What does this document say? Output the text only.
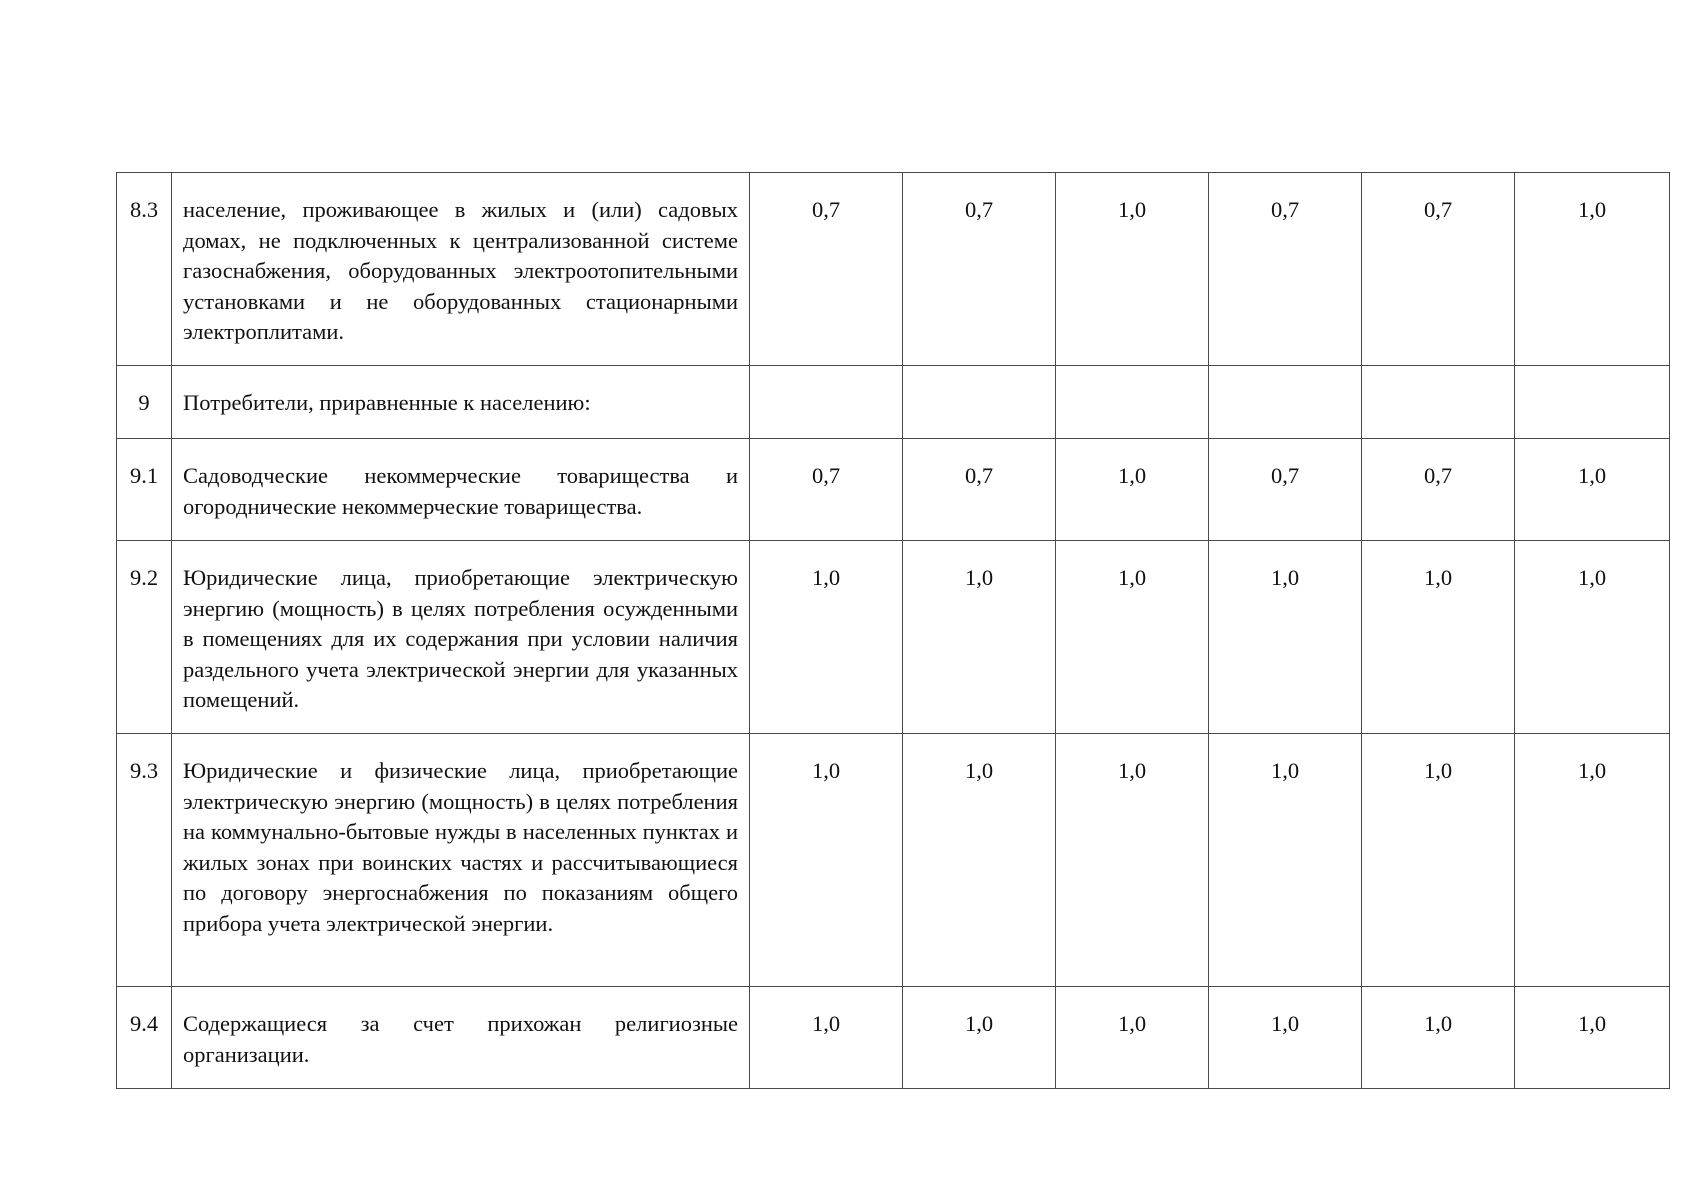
8.3	население, проживающее в жилых и (или) садовых домах, не подключенных к централизованной системе газоснабжения, оборудованных электроотопительными установками и не оборудованных стационарными электроплитами.	0,7	0,7	1,0	0,7	0,7	1,0
9	Потребители, приравненные к населению:						
9.1	Садоводческие некоммерческие товарищества и огороднические некоммерческие товарищества.	0,7	0,7	1,0	0,7	0,7	1,0
9.2	Юридические лица, приобретающие электрическую энергию (мощность) в целях потребления осужденными в помещениях для их содержания при условии наличия раздельного учета электрической энергии для указанных помещений.	1,0	1,0	1,0	1,0	1,0	1,0
9.3	Юридические и физические лица, приобретающие электрическую энергию (мощность) в целях потребления на коммунально-бытовые нужды в населенных пунктах и жилых зонах при воинских частях и рассчитывающиеся по договору энергоснабжения по показаниям общего прибора учета электрической энергии.	1,0	1,0	1,0	1,0	1,0	1,0
9.4	Содержащиеся за счет прихожан религиозные организации.	1,0	1,0	1,0	1,0	1,0	1,0
